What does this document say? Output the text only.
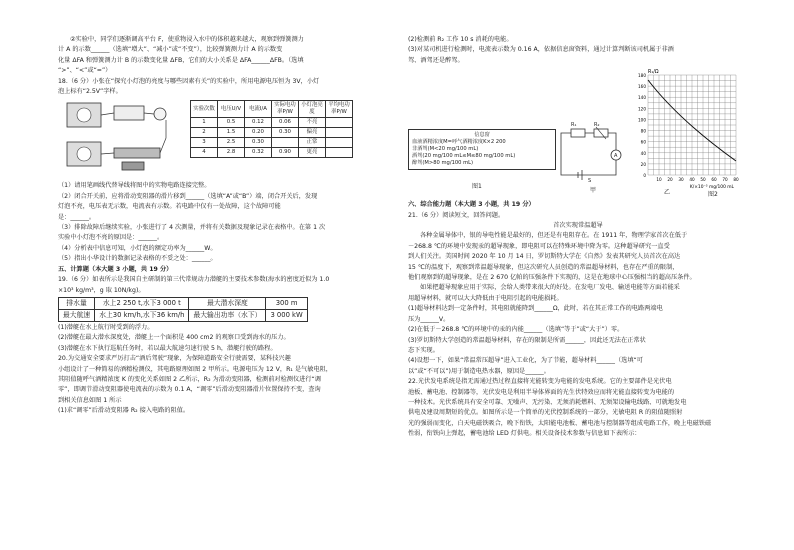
②实验中，同学们逐渐调高平台 F，使重物浸入水中的体积越来越大，观察到弹簧测力

计 A 的示数______（选填“增大”、“减小”或“不变”），比较弹簧测力计 A 的示数变

化量 ΔFA 和弹簧测力计 B 的示数变化量 ΔFB，它们的大小关系是 ΔFA______ΔFB。（选填

“>”、“<”或“=”）

18.（6 分）小张在“探究小灯泡的亮度与哪些因素有关”的实验中，所用电源电压恒为 3V，小灯

泡上标有“2.5V”字样。

实验次数	电压U/V	电流I/A	实际电功率P/W	小灯泡亮度	平均电功率P/W
1	0.5	0.12	0.06	不亮	
2	1.5	0.20	0.30	偏亮	
3	2.5	0.30		正常	
4	2.8	0.32	0.90	更亮	

（1）请用笔画线代替导线将图中的实物电路连接完整。

（2）闭合开关前，应将滑动变阻器的滑片移到______（选填“A”或“B”）端，闭合开关后，发现

灯泡不亮，电压表无示数，电流表有示数。若电路中仅有一处故障，这个故障可能

是：______。

（3）排除故障后继续实验，小张进行了 4 次测量，并将有关数据及现象记录在表格中。在第 1 次

实验中小灯泡不亮的原因是：______。

（4）分析表中信息可知，小灯泡的额定功率为______W。

（5）指出小华设计的数据记录表格的不妥之处：______。

五、计算题（本大题 3 小题，共 19 分）

19.（6 分）如表所示是我国自主研制的第三代常规动力潜艇的主要技术参数(海水的密度近似为 1.0

×10³ kg/m³，g 取 10N/kg)。

排水量	水上2 250 t,水下3 000 t	最大潜水深度	300 m
最大航速	水上30 km/h,水下36 km/h	最大输出功率（水下）	3 000 kW

(1)潜艇在水上航行时受到的浮力。

(2)潜艇在最大潜水深度处，潜艇上一个面积是 400 cm2 的观察口受到海水的压力。

(3)潜艇在水下执行巡航任务时，若以最大航速匀速行驶 5 h，潜艇行驶的路程。

20.为交通安全要求严厉打击“酒后驾驶”现象，为保障道路安全行驶需要，某科技兴趣

小组设计了一种简易的酒精检测仪，其电路原理如图 2 甲所示。电源电压为 12 V，R₁ 是气敏电阻，

其阻值随呼气酒精浓度 K 的变化关系如图 2 乙所示，R₂ 为滑动变阻器，检测前对检测仪进行“调

零”，即调节滑动变阻器使电流表的示数为 0.1 A，“调零”后滑动变阻器滑片位置保持不变，查询

到相关信息如图 1 所示

(1)求“调零”后滑动变阻器 R₂ 接入电路的阻值。

(2)检测前 R₂ 工作 10 s 消耗的电能。

(3)对某司机进行检测时，电流表示数为 0.16 A，依据信息窗资料，通过计算判断该司机属于非酒

驾、酒驾还是醉驾。

信息窗
血液酒精浓度M=呼气酒精浓度K×2 200
非酒驾(M<20 mg/100 mL)
酒驾(20 mg/100 mL≤M≤80 mg/100 mL)
醉驾(M>80 mg/100 mL)
图1
R₁	R₂
A
S
甲
180
160
140
120
100
80
60
40
20
0
10 20 30 40 50 60 70 80
R₁/Ω
K/×10⁻³ mg/100 mL
乙	图2

六、综合能力题（本大题 3 小题，共 19 分）

21.（6 分）阅读短文，回答问题。

首次实现常温超导

各种金属导体中，银的导电性能是最好的，但还是有电阻存在。在 1911 年，物理学家首次在低于

－268.8 ℃的环境中发现汞的超导现象，即电阻可以在特殊环境中降为零。这种超导研究一直受

到人们关注。美国时间 2020 年 10 月 14 日，罗切斯特大学在《自然》发表其研究人员首次在高达

15 ℃的温度下，观察到常温超导现象，但这次研究人员创造的常温超导材料，也存在严重的限制，

他们观察到的超导现象，是在 2 670 亿帕的压强条件下实现的，这是在地球中心压强相当的超高压条件。

如果把超导现象应用于实际，会给人类带来很大的好处。在发电厂发电、输送电能等方面若能采

用超导材料，就可以大大降低由于电阻引起的电能损耗。

(1)超导材料达到一定条件时，其电阻就能降到______Ω，此时，若在其正常工作的电路两端电

压为______V。

(2)在低于－268.8 ℃的环境中的汞的内能______（选填“等于”或“大于”）零。

(3)罗切斯特大学创造的常温超导材料，存在的限制是所需______，因此还无法在正常状

态下实现。

(4)设想一下，如果“常温常压超导”进入工业化，为了节能，超导材料______（选填“可

以”或“不可以”)用于制造电热水器，原因是______。

22.光伏发电系统是指无需通过热过程直接将光能转变为电能的发电系统。它的主要部件是光伏电

池板、蓄电池、控制器等，光伏发电是利用半导体界面的光生伏特效应而将光能直接转变为电能的

一种技术。光伏系统具有安全可靠、无噪声、无污染、无须消耗燃料、无须架设输电线路、可就地发电

供电及建设周期短的优点。如图所示是一个简单的光伏控制系统的一部分，光敏电阻 R 的阻值随照射

光的强弱而变化，白天电磁铁吸合，晚下衔铁，太阳能电池板、蓄电池与控制器等组成电路工作，晚上电磁铁磁

性弱，衔铁向上弹起，蓄电池给 LED 灯供电。相关设备技术参数与信息如下表所示：
